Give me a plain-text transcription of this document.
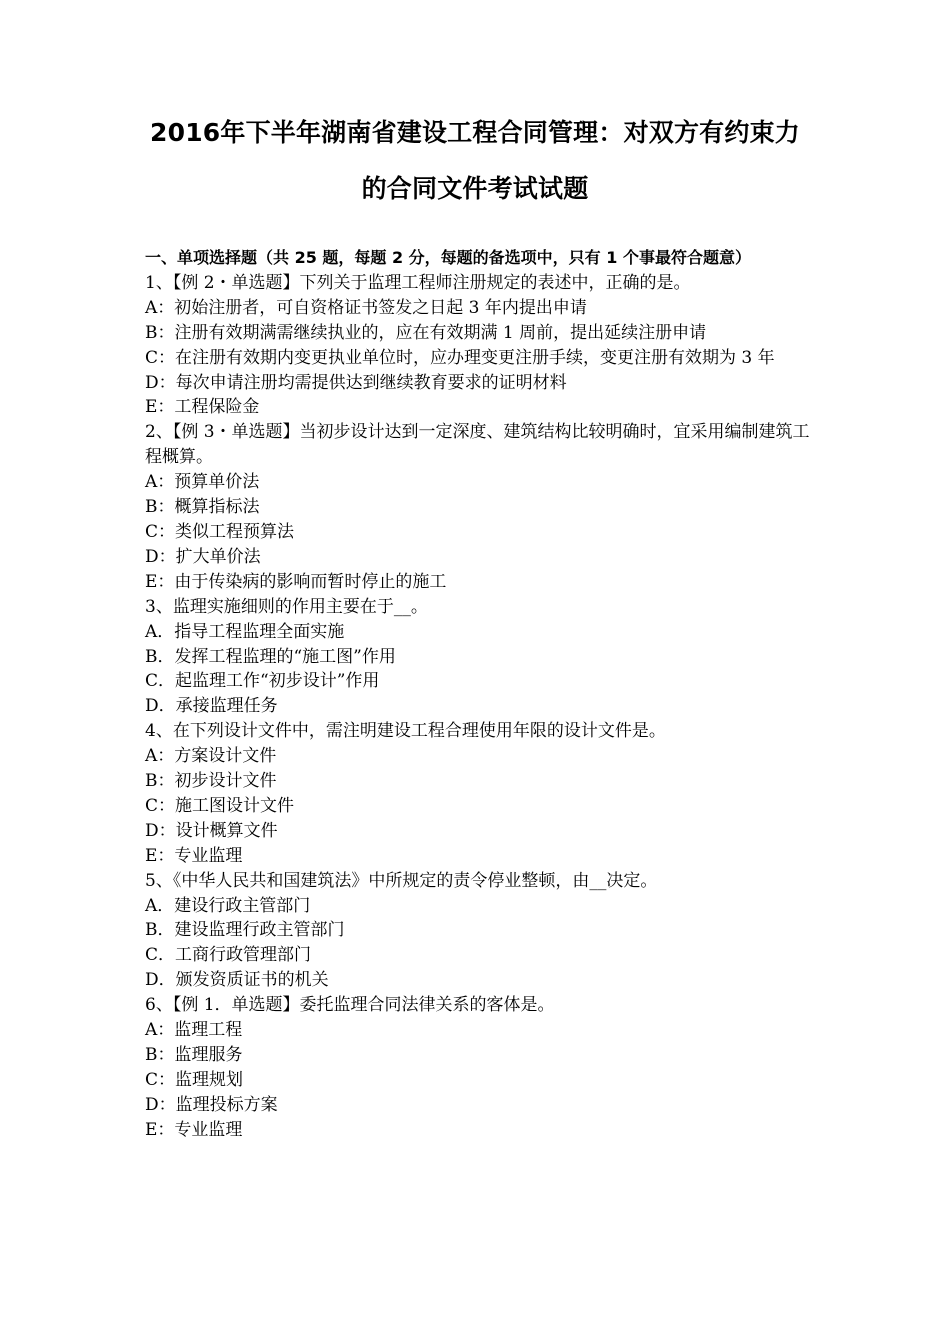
2016年下半年湖南省建设工程合同管理：对双方有约束力
的合同文件考试试题

一、单项选择题（共 25 题，每题 2 分，每题的备选项中，只有 1 个事最符合题意）

1、【例 2・单选题】下列关于监理工程师注册规定的表述中，正确的是。

A：初始注册者，可自资格证书签发之日起 3 年内提出申请

B：注册有效期满需继续执业的，应在有效期满 1 周前，提出延续注册申请

C：在注册有效期内变更执业单位时，应办理变更注册手续，变更注册有效期为 3 年

D：每次申请注册均需提供达到继续教育要求的证明材料

E：工程保险金

2、【例 3・单选题】当初步设计达到一定深度、建筑结构比较明确时，宜采用编制建筑工程概算。

A：预算单价法

B：概算指标法

C：类似工程预算法

D：扩大单价法

E：由于传染病的影响而暂时停止的施工

3、监理实施细则的作用主要在于__。

A．指导工程监理全面实施

B．发挥工程监理的“施工图”作用

C．起监理工作“初步设计”作用

D．承接监理任务

4、在下列设计文件中，需注明建设工程合理使用年限的设计文件是。

A：方案设计文件

B：初步设计文件

C：施工图设计文件

D：设计概算文件

E：专业监理

5、《中华人民共和国建筑法》中所规定的责令停业整顿，由__决定。

A．建设行政主管部门

B．建设监理行政主管部门

C．工商行政管理部门

D．颁发资质证书的机关

6、【例 1．单选题】委托监理合同法律关系的客体是。

A：监理工程

B：监理服务

C：监理规划

D：监理投标方案

E：专业监理
